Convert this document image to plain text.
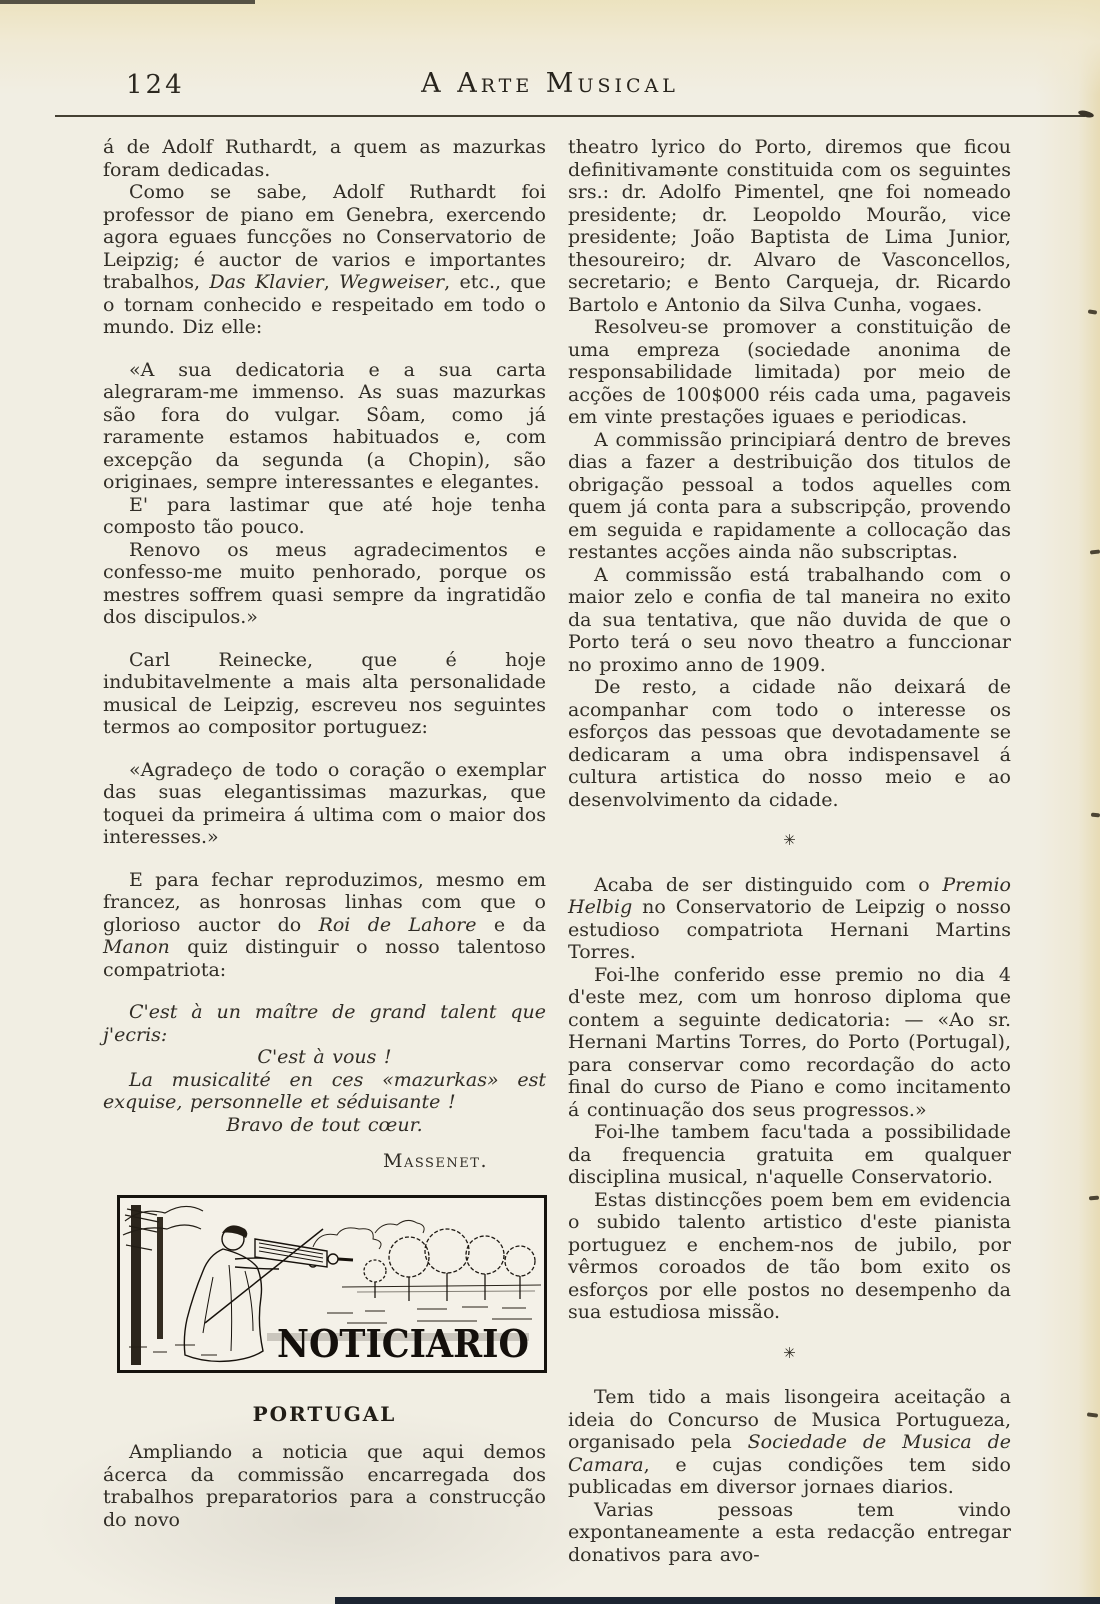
124	A Arte Musical

á de Adolf Ruthardt, a quem as mazurkas foram dedicadas.

Como se sabe, Adolf Ruthardt foi professor de piano em Genebra, exercendo agora eguaes funcções no Conservatorio de Leipzig; é auctor de varios e importantes trabalhos, Das Klavier, Wegweiser, etc., que o tornam conhecido e respeitado em todo o mundo. Diz elle:

«A sua dedicatoria e a sua carta alegraram-me immenso. As suas mazurkas são fora do vulgar. Sôam, como já raramente estamos habituados e, com excepção da segunda (a Chopin), são originaes, sempre interessantes e elegantes.

E' para lastimar que até hoje tenha composto tão pouco.

Renovo os meus agradecimentos e confesso-me muito penhorado, porque os mestres soffrem quasi sempre da ingratidão dos discipulos.»

Carl Reinecke, que é hoje indubitavelmente a mais alta personalidade musical de Leipzig, escreveu nos seguintes termos ao compositor portuguez:

«Agradeço de todo o coração o exemplar das suas elegantissimas mazurkas, que toquei da primeira á ultima com o maior dos interesses.»

E para fechar reproduzimos, mesmo em francez, as honrosas linhas com que o glorioso auctor do Roi de Lahore e da Manon quiz distinguir o nosso talentoso compatriota:

C'est à un maître de grand talent que j'ecris:

C'est à vous !

La musicalité en ces «mazurkas» est exquise, personnelle et séduisante !

Bravo de tout cœur.

Massenet.

NOTICIARIO
PORTUGAL

Ampliando a noticia que aqui demos ácerca da commissão encarregada dos trabalhos preparatorios para a construcção do novo

theatro lyrico do Porto, diremos que ficou definitivamənte constituida com os seguintes srs.: dr. Adolfo Pimentel, qne foi nomeado presidente; dr. Leopoldo Mourão, vice presidente; João Baptista de Lima Junior, thesoureiro; dr. Alvaro de Vasconcellos, secretario; e Bento Carqueja, dr. Ricardo Bartolo e Antonio da Silva Cunha, vogaes.

Resolveu-se promover a constituição de uma empreza (sociedade anonima de responsabilidade limitada) por meio de acções de 100$000 réis cada uma, pagaveis em vinte prestações iguaes e periodicas.

A commissão principiará dentro de breves dias a fazer a destribuição dos titulos de obrigação pessoal a todos aquelles com quem já conta para a subscripção, provendo em seguida e rapidamente a collocação das restantes acções ainda não subscriptas.

A commissão está trabalhando com o maior zelo e confia de tal maneira no exito da sua tentativa, que não duvida de que o Porto terá o seu novo theatro a funccionar no proximo anno de 1909.

De resto, a cidade não deixará de acompanhar com todo o interesse os esforços das pessoas que devotadamente se dedicaram a uma obra indispensavel á cultura artistica do nosso meio e ao desenvolvimento da cidade.

✳

Acaba de ser distinguido com o Premio Helbig no Conservatorio de Leipzig o nosso estudioso compatriota Hernani Martins Torres.

Foi-lhe conferido esse premio no dia 4 d'este mez, com um honroso diploma que contem a seguinte dedicatoria: — «Ao sr. Hernani Martins Torres, do Porto (Portugal), para conservar como recordação do acto final do curso de Piano e como incitamento á continuação dos seus progressos.»

Foi-lhe tambem facu'tada a possibilidade da frequencia gratuita em qualquer disciplina musical, n'aquelle Conservatorio.

Estas distincções poem bem em evidencia o subido talento artistico d'este pianista portuguez e enchem-nos de jubilo, por vêrmos coroados de tão bom exito os esforços por elle postos no desempenho da sua estudiosa missão.

✳

Tem tido a mais lisongeira aceitação a ideia do Concurso de Musica Portugueza, organisado pela Sociedade de Musica de Camara, e cujas condições tem sido publicadas em diversor jornaes diarios.

Varias pessoas tem vindo expontaneamente a esta redacção entregar donativos para avo-
